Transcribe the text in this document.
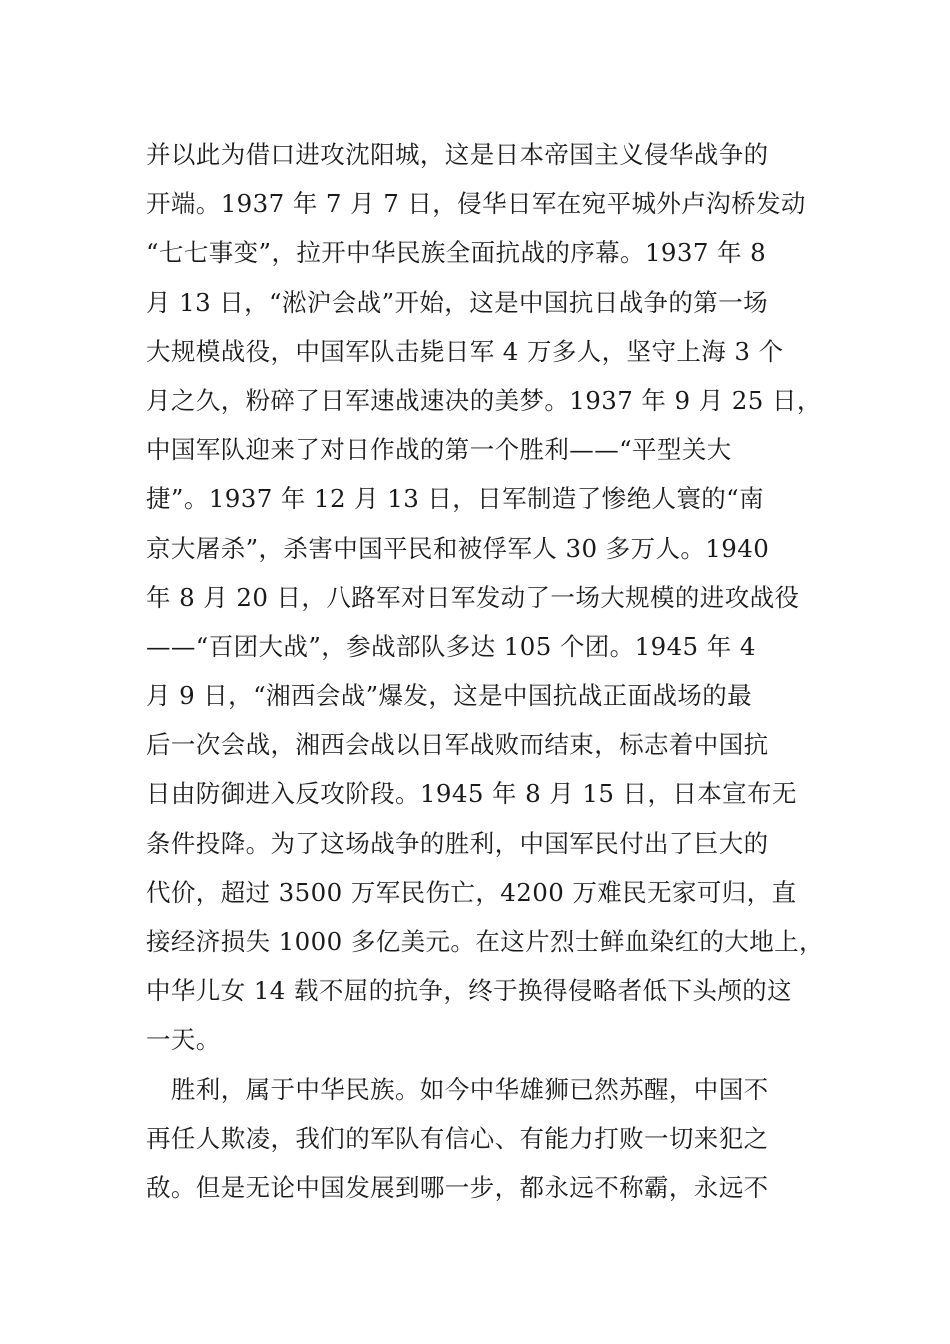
并以此为借口进攻沈阳城，这是日本帝国主义侵华战争的
开端。1937 年 7 月 7 日，侵华日军在宛平城外卢沟桥发动
“七七事变”，拉开中华民族全面抗战的序幕。1937 年 8
月 13 日，“淞沪会战”开始，这是中国抗日战争的第一场
大规模战役，中国军队击毙日军 4 万多人，坚守上海 3 个
月之久，粉碎了日军速战速决的美梦。1937 年 9 月 25 日，
中国军队迎来了对日作战的第一个胜利——“平型关大
捷”。1937 年 12 月 13 日，日军制造了惨绝人寰的“南
京大屠杀”，杀害中国平民和被俘军人 30 多万人。1940
年 8 月 20 日，八路军对日军发动了一场大规模的进攻战役
——“百团大战”，参战部队多达 105 个团。1945 年 4
月 9 日，“湘西会战”爆发，这是中国抗战正面战场的最
后一次会战，湘西会战以日军战败而结束，标志着中国抗
日由防御进入反攻阶段。1945 年 8 月 15 日，日本宣布无
条件投降。为了这场战争的胜利，中国军民付出了巨大的
代价，超过 3500 万军民伤亡，4200 万难民无家可归，直
接经济损失 1000 多亿美元。在这片烈士鲜血染红的大地上，
中华儿女 14 载不屈的抗争，终于换得侵略者低下头颅的这
一天。
　胜利，属于中华民族。如今中华雄狮已然苏醒，中国不
再任人欺凌，我们的军队有信心、有能力打败一切来犯之
敌。但是无论中国发展到哪一步，都永远不称霸，永远不
